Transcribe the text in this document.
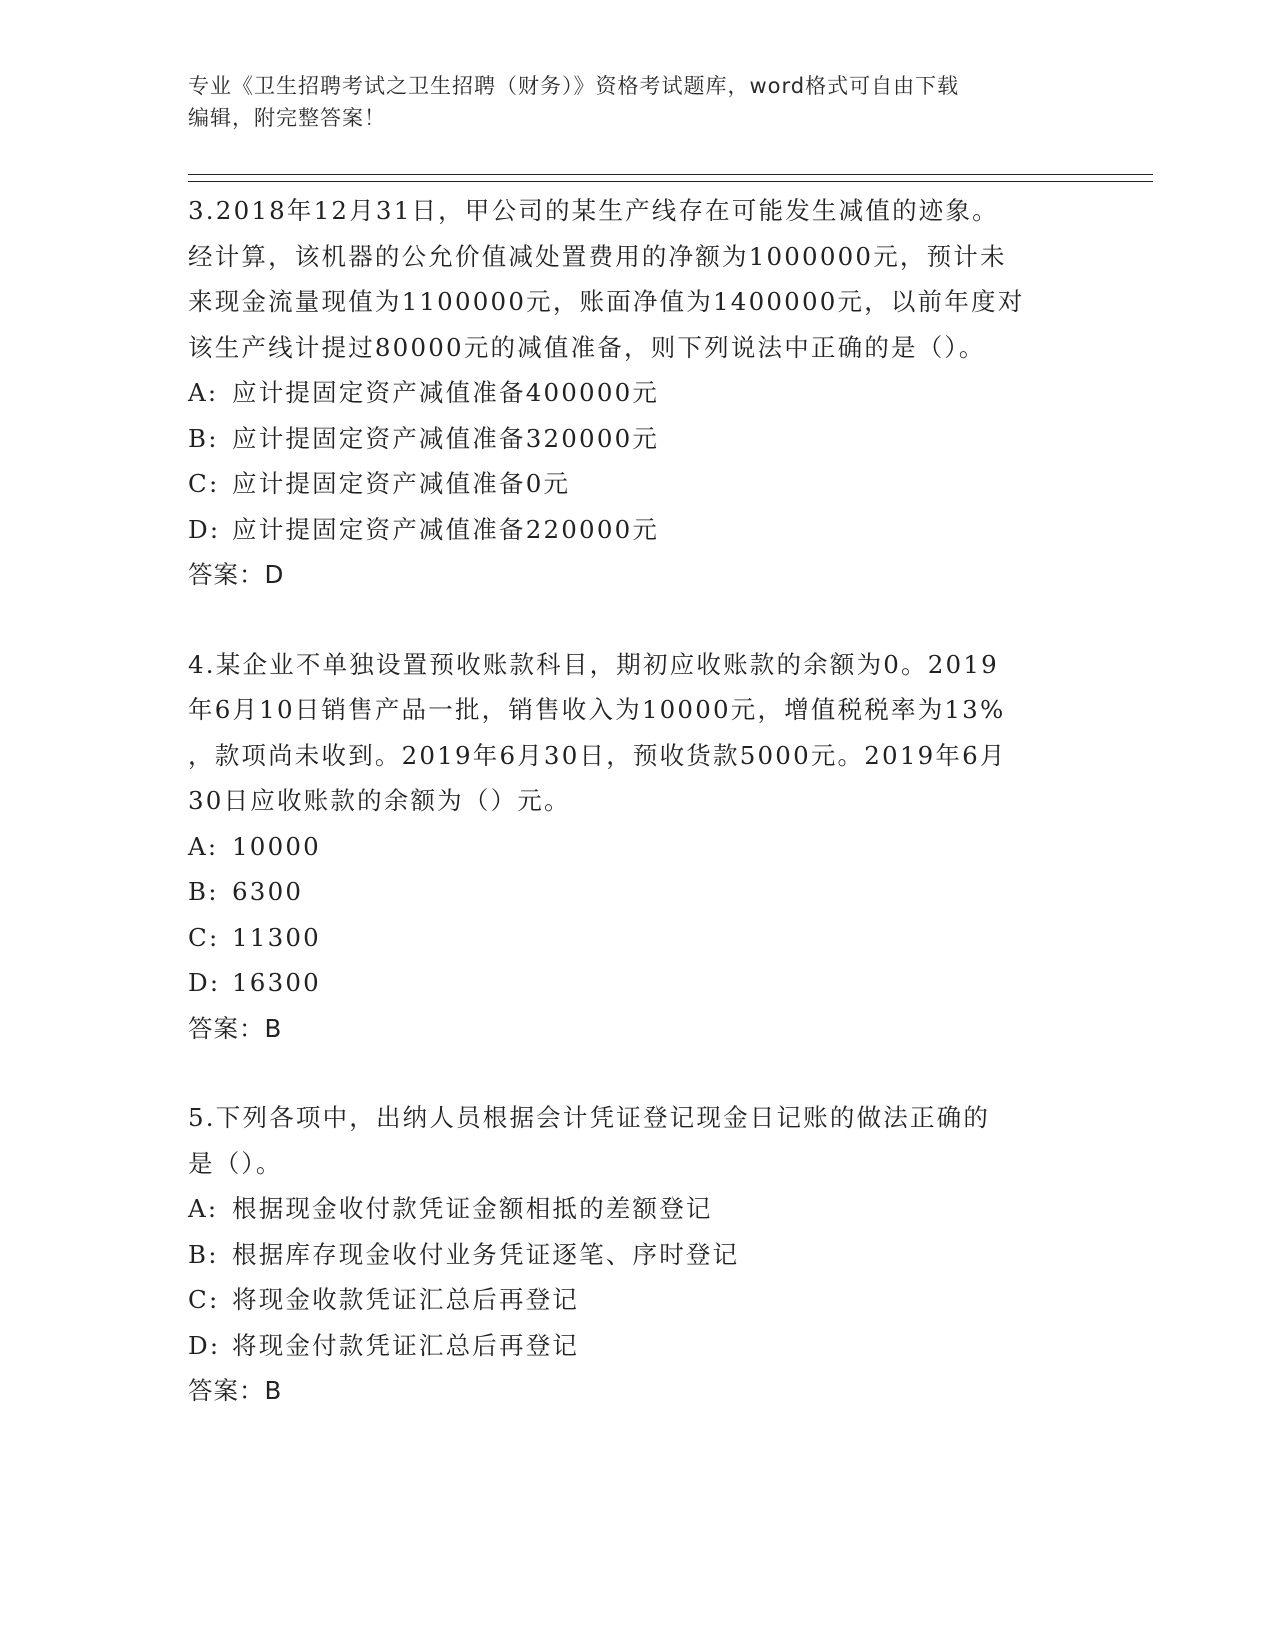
专业《卫生招聘考试之卫生招聘（财务）》资格考试题库，word格式可自由下载
编辑，附完整答案！

3.2018年12月31日，甲公司的某生产线存在可能发生减值的迹象。
经计算，该机器的公允价值减处置费用的净额为1000000元，预计未
来现金流量现值为1100000元，账面净值为1400000元，以前年度对
该生产线计提过80000元的减值准备，则下列说法中正确的是（）。

A: 应计提固定资产减值准备400000元

B: 应计提固定资产减值准备320000元

C: 应计提固定资产减值准备0元

D: 应计提固定资产减值准备220000元

答案：D

4.某企业不单独设置预收账款科目，期初应收账款的余额为0。2019
年6月10日销售产品一批，销售收入为10000元，增值税税率为13%
，款项尚未收到。2019年6月30日，预收货款5000元。2019年6月
30日应收账款的余额为（）元。

A: 10000

B: 6300

C: 11300

D: 16300

答案：B

5.下列各项中，出纳人员根据会计凭证登记现金日记账的做法正确的
是（）。

A: 根据现金收付款凭证金额相抵的差额登记

B: 根据库存现金收付业务凭证逐笔、序时登记

C: 将现金收款凭证汇总后再登记

D: 将现金付款凭证汇总后再登记

答案：B
